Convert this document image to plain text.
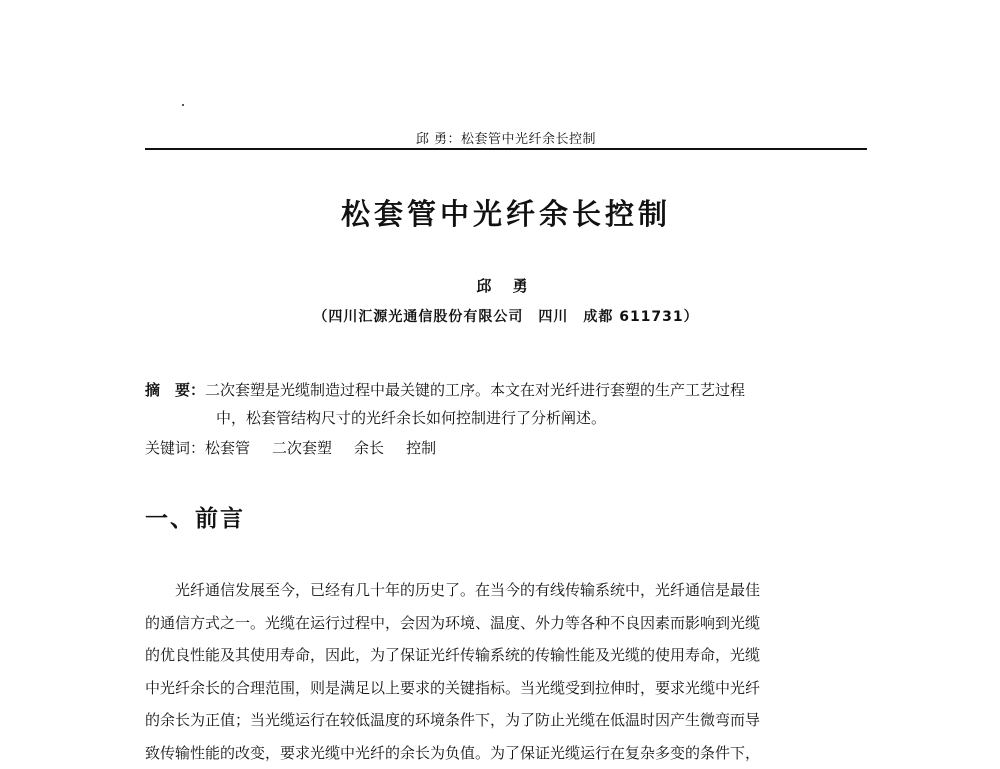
邱 勇：松套管中光纤余长控制
松套管中光纤余长控制
邱 勇
（四川汇源光通信股份有限公司　四川　成都 611731）
摘　要：二次套塑是光缆制造过程中最关键的工序。本文在对光纤进行套塑的生产工艺过程
中，松套管结构尺寸的光纤余长如何控制进行了分析阐述。
关键词：松套管 二次套塑 余长 控制
一、前言
光纤通信发展至今，已经有几十年的历史了。在当今的有线传输系统中，光纤通信是最佳
的通信方式之一。光缆在运行过程中，会因为环境、温度、外力等各种不良因素而影响到光缆
的优良性能及其使用寿命，因此，为了保证光纤传输系统的传输性能及光缆的使用寿命，光缆
中光纤余长的合理范围，则是满足以上要求的关键指标。当光缆受到拉伸时，要求光缆中光纤
的余长为正值；当光缆运行在较低温度的环境条件下，为了防止光缆在低温时因产生微弯而导
致传输性能的改变，要求光缆中光纤的余长为负值。为了保证光缆运行在复杂多变的条件下，
